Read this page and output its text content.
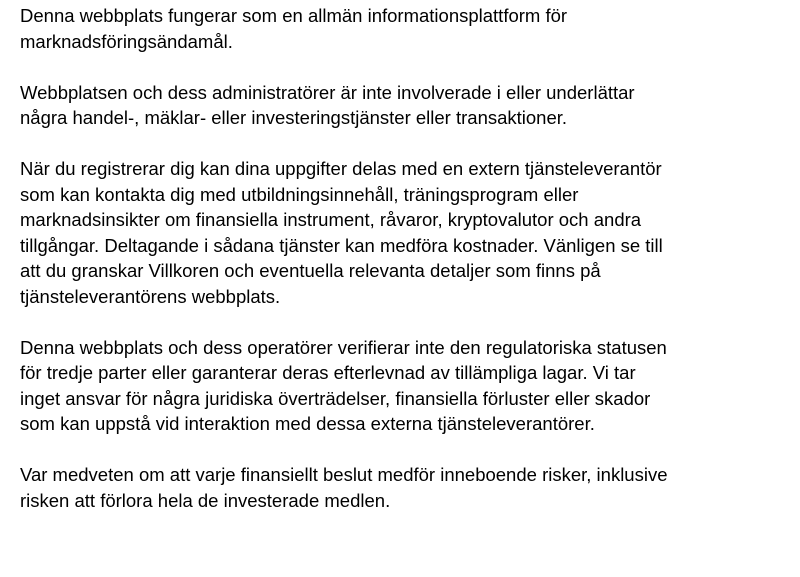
Denna webbplats fungerar som en allmän informationsplattform för
marknadsföringsändamål.

Webbplatsen och dess administratörer är inte involverade i eller underlättar
några handel-, mäklar- eller investeringstjänster eller transaktioner.

När du registrerar dig kan dina uppgifter delas med en extern tjänsteleverantör
som kan kontakta dig med utbildningsinnehåll, träningsprogram eller
marknadsinsikter om finansiella instrument, råvaror, kryptovalutor och andra
tillgångar. Deltagande i sådana tjänster kan medföra kostnader. Vänligen se till
att du granskar Villkoren och eventuella relevanta detaljer som finns på
tjänsteleverantörens webbplats.

Denna webbplats och dess operatörer verifierar inte den regulatoriska statusen
för tredje parter eller garanterar deras efterlevnad av tillämpliga lagar. Vi tar
inget ansvar för några juridiska överträdelser, finansiella förluster eller skador
som kan uppstå vid interaktion med dessa externa tjänsteleverantörer.

Var medveten om att varje finansiellt beslut medför inneboende risker, inklusive
risken att förlora hela de investerade medlen.
